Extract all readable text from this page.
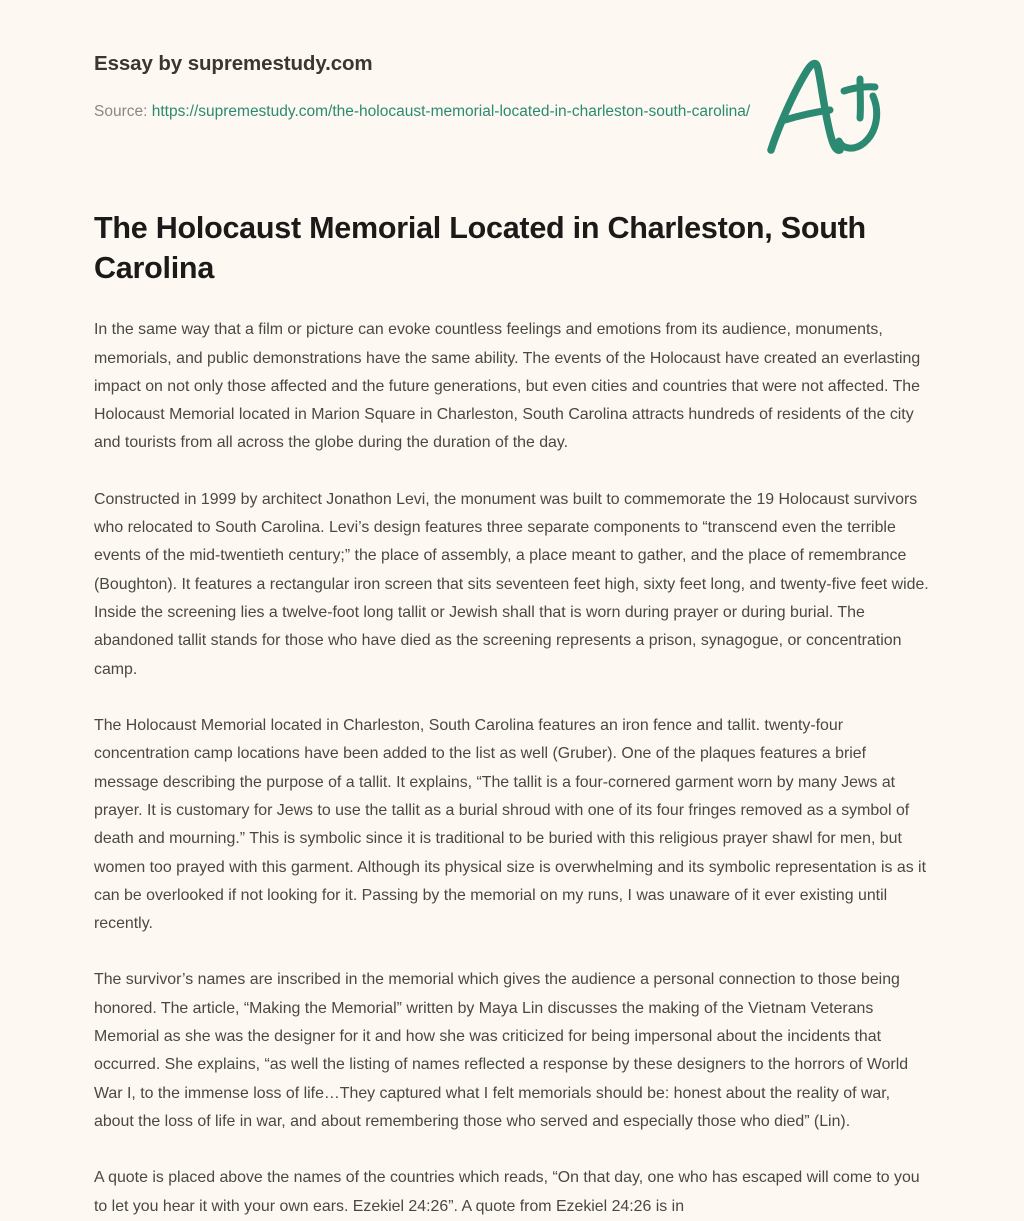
Essay by supremestudy.com
Source: https://supremestudy.com/the-holocaust-memorial-located-in-charleston-south-carolina/
The Holocaust Memorial Located in Charleston, South Carolina

In the same way that a film or picture can evoke countless feelings and emotions from its audience, monuments, memorials, and public demonstrations have the same ability. The events of the Holocaust have created an everlasting impact on not only those affected and the future generations, but even cities and countries that were not affected. The Holocaust Memorial located in Marion Square in Charleston, South Carolina attracts hundreds of residents of the city and tourists from all across the globe during the duration of the day.

Constructed in 1999 by architect Jonathon Levi, the monument was built to commemorate the 19 Holocaust survivors who relocated to South Carolina. Levi’s design features three separate components to “transcend even the terrible events of the mid-twentieth century;” the place of assembly, a place meant to gather, and the place of remembrance (Boughton). It features a rectangular iron screen that sits seventeen feet high, sixty feet long, and twenty-five feet wide. Inside the screening lies a twelve-foot long tallit or Jewish shall that is worn during prayer or during burial. The abandoned tallit stands for those who have died as the screening represents a prison, synagogue, or concentration camp.

The Holocaust Memorial located in Charleston, South Carolina features an iron fence and tallit. twenty-four concentration camp locations have been added to the list as well (Gruber). One of the plaques features a brief message describing the purpose of a tallit. It explains, “The tallit is a four-cornered garment worn by many Jews at prayer. It is customary for Jews to use the tallit as a burial shroud with one of its four fringes removed as a symbol of death and mourning.” This is symbolic since it is traditional to be buried with this religious prayer shawl for men, but women too prayed with this garment. Although its physical size is overwhelming and its symbolic representation is as it can be overlooked if not looking for it. Passing by the memorial on my runs, I was unaware of it ever existing until recently.

The survivor’s names are inscribed in the memorial which gives the audience a personal connection to those being honored. The article, “Making the Memorial” written by Maya Lin discusses the making of the Vietnam Veterans Memorial as she was the designer for it and how she was criticized for being impersonal about the incidents that occurred. She explains, “as well the listing of names reflected a response by these designers to the horrors of World War I, to the immense loss of life…They captured what I felt memorials should be: honest about the reality of war, about the loss of life in war, and about remembering those who served and especially those who died” (Lin).

A quote is placed above the names of the countries which reads, “On that day, one who has escaped will come to you to let you hear it with your own ears. Ezekiel 24:26”. A quote from Ezekiel 24:26 is in
